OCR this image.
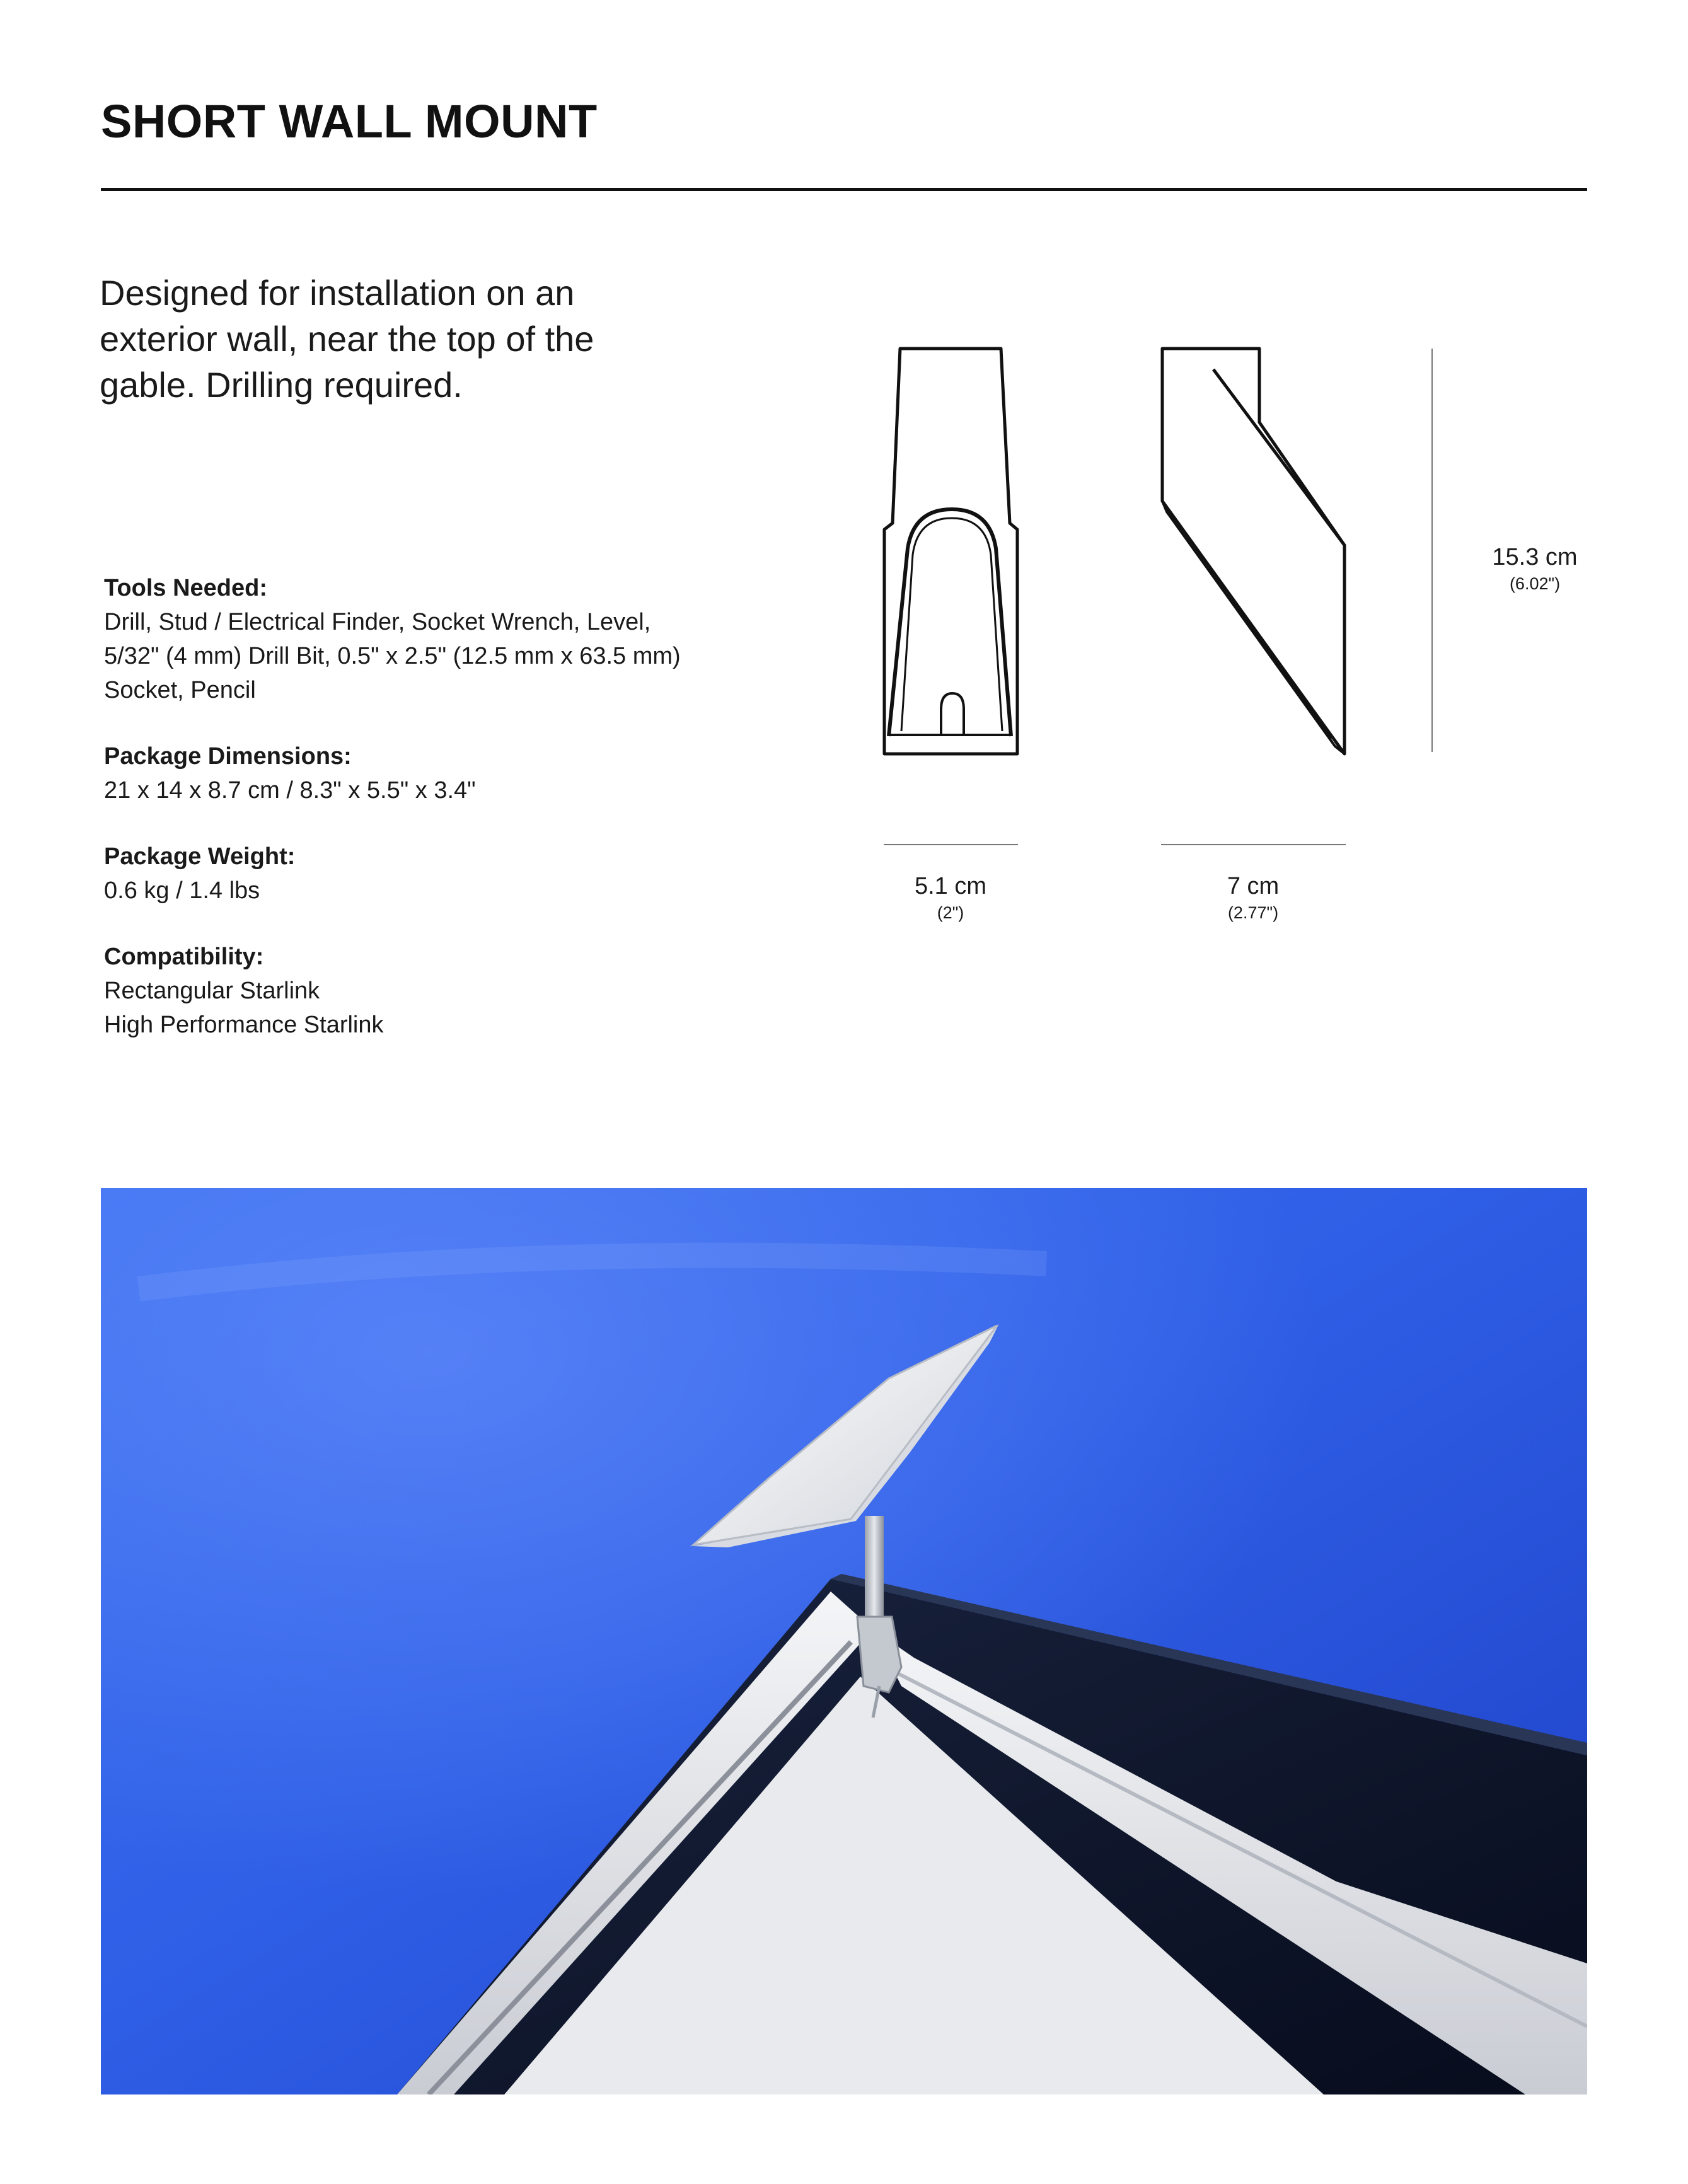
SHORT WALL MOUNT
Designed for installation on an
exterior wall, near the top of the
gable. Drilling required.
Tools Needed:
Drill, Stud / Electrical Finder, Socket Wrench, Level,
5/32" (4 mm) Drill Bit, 0.5" x 2.5" (12.5 mm x 63.5 mm)
Socket, Pencil
Package Dimensions:
21 x 14 x 8.7 cm / 8.3" x 5.5" x 3.4"
Package Weight:
0.6 kg / 1.4 lbs
Compatibility:
Rectangular Starlink
High Performance Starlink
15.3 cm
(6.02")
5.1 cm
(2")
7 cm
(2.77")
